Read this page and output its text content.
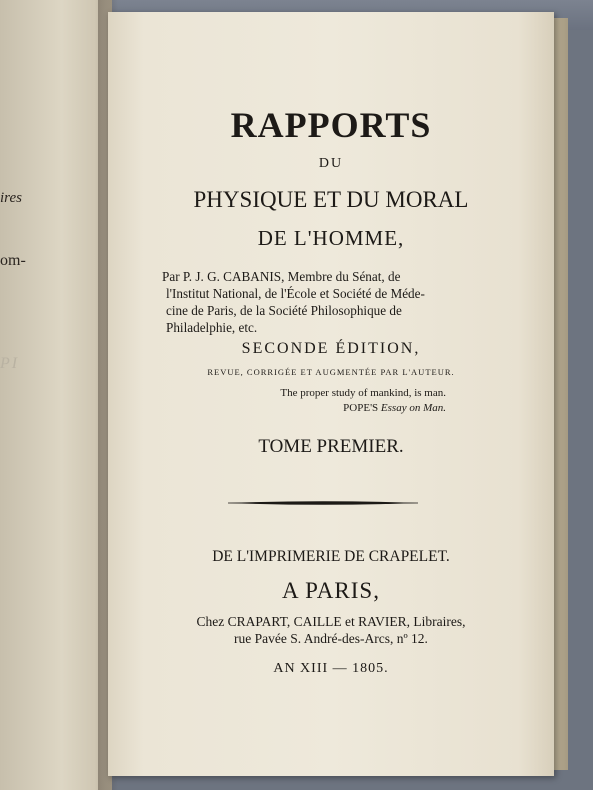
ires
om-
PI
RAPPORTS
DU
PHYSIQUE ET DU MORAL
DE L'HOMME,
Par P. J. G. CABANIS, Membre du Sénat, de
l'Institut National, de l'École et Société de Méde-
cine de Paris, de la Société Philosophique de
Philadelphie, etc.
SECONDE ÉDITION,
REVUE, CORRIGÉE ET AUGMENTÉE PAR L'AUTEUR.
The proper study of mankind, is man.
POPE'S Essay on Man.
TOME PREMIER.
DE L'IMPRIMERIE DE CRAPELET.
A PARIS,
Chez CRAPART, CAILLE et RAVIER, Libraires,
rue Pavée S. André-des-Arcs, nº 12.
AN XIII — 1805.
